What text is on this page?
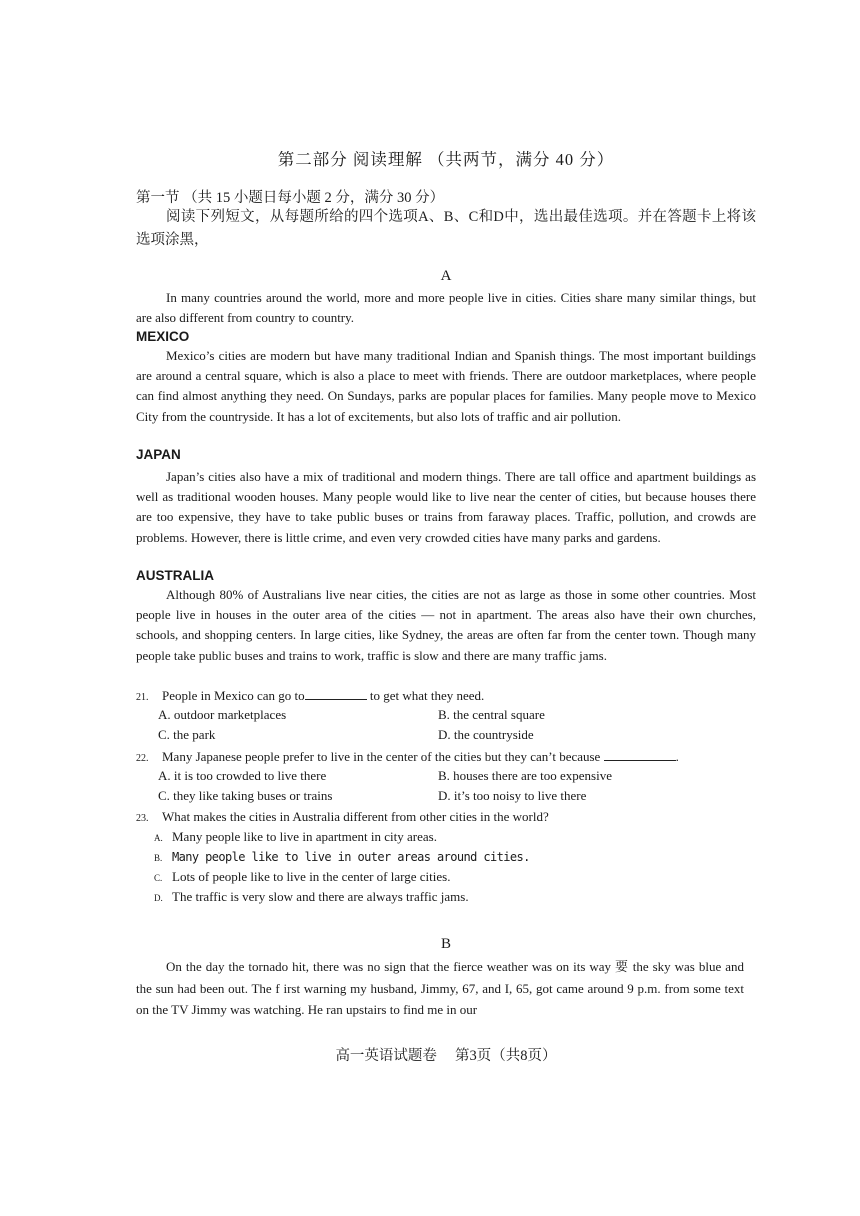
第二部分 阅读理解 （共两节，满分 40 分）
第一节 （共 15 小题日每小题 2 分，满分 30 分）
阅读下列短文，从每题所给的四个选项A、B、C和D中，选出最佳选项。并在答题卡上将该选项涂黑，
A
In many countries around the world, more and more people live in cities. Cities share many similar things, but are also different from country to country.
MEXICO
Mexico’s cities are modern but have many traditional Indian and Spanish things. The most important buildings are around a central square, which is also a place to meet with friends. There are outdoor marketplaces, where people can find almost anything they need. On Sundays, parks are popular places for families. Many people move to Mexico City from the countryside. It has a lot of excitements, but also lots of traffic and air pollution.
JAPAN
Japan’s cities also have a mix of traditional and modern things. There are tall office and apartment buildings as well as traditional wooden houses. Many people would like to live near the center of cities, but because houses there are too expensive, they have to take public buses or trains from faraway places. Traffic, pollution, and crowds are problems. However, there is little crime, and even very crowded cities have many parks and gardens.
AUSTRALIA
Although 80% of Australians live near cities, the cities are not as large as those in some other countries. Most people live in houses in the outer area of the cities — not in apartment. The areas also have their own churches, schools, and shopping centers. In large cities, like Sydney, the areas are often far from the center town. Though many people take public buses and trains to work, traffic is slow and there are many traffic jams.
21. People in Mexico can go to	to get what they need.
A. outdoor marketplaces	B. the central square
C. the park	D. the countryside
22. Many Japanese people prefer to live in the center of the cities but they can’t because	.
A. it is too crowded to live there	B. houses there are too expensive
C. they like taking buses or trains	D. it’s too noisy to live there
23. What makes the cities in Australia different from other cities in the world?
A. Many people like to live in apartment in city areas.
B. Many people like to live in outer areas around cities.
C. Lots of people like to live in the center of large cities.
D. The traffic is very slow and there are always traffic jams.
B
On the day the tornado hit, there was no sign that the fierce weather was on its way 要 the sky was blue and the sun had been out. The f irst warning my husband, Jimmy, 67, and I, 65, got came around 9 p.m. from some text on the TV Jimmy was watching. He ran upstairs to find me in our
高一英语试题卷　 第3页（共8页）
